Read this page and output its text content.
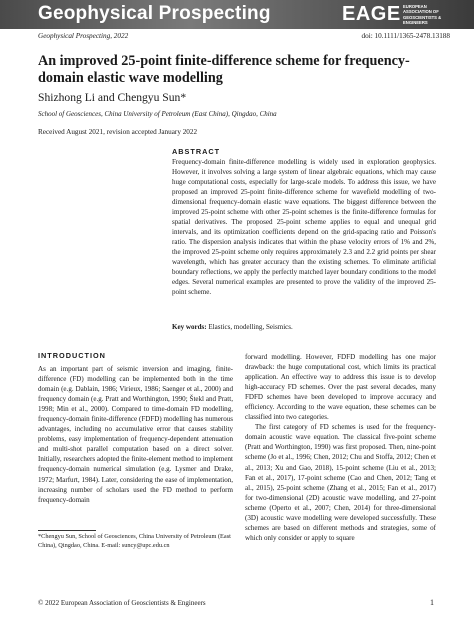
Geophysical Prospecting	EAGE EUROPEAN
ASSOCIATION OF
GEOSCIENTISTS &
ENGINEERS
Geophysical Prospecting, 2022	doi: 10.1111/1365-2478.13188
An improved 25-point finite-difference scheme for frequency-domain elastic wave modelling
Shizhong Li and Chengyu Sun*
School of Geosciences, China University of Petroleum (East China), Qingdao, China
Received August 2021, revision accepted January 2022
ABSTRACT
Frequency-domain finite-difference modelling is widely used in exploration geophysics. However, it involves solving a large system of linear algebraic equations, which may cause huge computational costs, especially for large-scale models. To address this issue, we have proposed an improved 25-point finite-difference scheme for wavefield modelling of two-dimensional frequency-domain elastic wave equations. The biggest difference between the improved 25-point scheme with other 25-point schemes is the finite-difference formulas for spatial derivatives. The proposed 25-point scheme applies to equal and unequal grid intervals, and its optimization coefficients depend on the grid-spacing ratio and Poisson's ratio. The dispersion analysis indicates that within the phase velocity errors of 1% and 2%, the improved 25-point scheme only requires approximately 2.3 and 2.2 grid points per shear wavelength, which has greater accuracy than the existing schemes. To eliminate artificial boundary reflections, we apply the perfectly matched layer boundary conditions to the model edges. Several numerical examples are presented to prove the validity of the improved 25-point scheme.
Key words: Elastics, modelling, Seismics.
INTRODUCTION
As an important part of seismic inversion and imaging, finite-difference (FD) modelling can be implemented both in the time domain (e.g. Dablain, 1986; Virieux, 1986; Saenger et al., 2000) and frequency domain (e.g. Pratt and Worthington, 1990; Štekl and Pratt, 1998; Min et al., 2000). Compared to time-domain FD modelling, frequency-domain finite-difference (FDFD) modelling has numerous advantages, including no accumulative error that causes stability problems, easy implementation of frequency-dependent attenuation and multi-shot parallel computation based on a direct solver. Initially, researchers adopted the finite-element method to implement frequency-domain numerical simulation (e.g. Lysmer and Drake, 1972; Marfurt, 1984). Later, considering the ease of implementation, increasing number of scholars used the FD method to perform frequency-domain

forward modelling. However, FDFD modelling has one major drawback: the huge computational cost, which limits its practical application. An effective way to address this issue is to develop high-accuracy FD schemes. Over the past several decades, many FDFD schemes have been developed to improve accuracy and efficiency. According to the wave equation, these schemes can be classified into two categories.

The first category of FD schemes is used for the frequency-domain acoustic wave equation. The classical five-point scheme (Pratt and Worthington, 1990) was first proposed. Then, nine-point scheme (Jo et al., 1996; Chen, 2012; Chu and Stoffa, 2012; Chen et al., 2013; Xu and Gao, 2018), 15-point scheme (Liu et al., 2013; Fan et al., 2017), 17-point scheme (Cao and Chen, 2012; Tang et al., 2015), 25-point scheme (Zhang et al., 2015; Fan et al., 2017) for two-dimensional (2D) acoustic wave modelling, and 27-point scheme (Operto et al., 2007; Chen, 2014) for three-dimensional (3D) acoustic wave modelling were developed successfully. These schemes are based on different methods and strategies, some of which only consider or apply to square

*Chengyu Sun, School of Geosciences, China University of Petroleum (East China), Qingdao, China. E-mail: suncy@upc.edu.cn
© 2022 European Association of Geoscientists & Engineers	1
